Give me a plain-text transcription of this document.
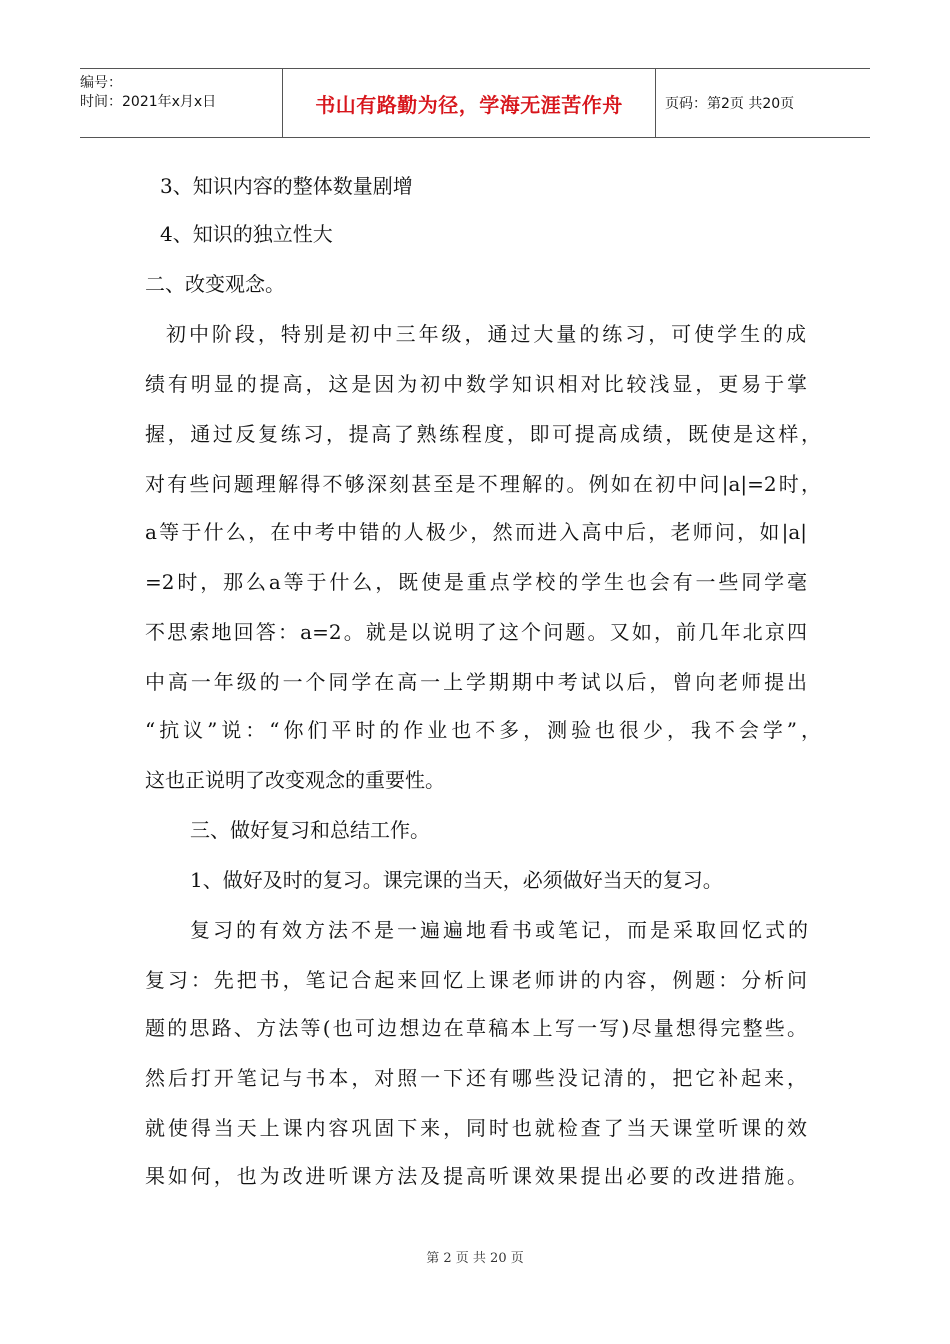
编号：
时间：2021年x月x日	书山有路勤为径，学海无涯苦作舟	页码：第2页 共20页
3、知识内容的整体数量剧增
4、知识的独立性大
二、改变观念。
初中阶段，特别是初中三年级，通过大量的练习，可使学生的成
绩有明显的提高，这是因为初中数学知识相对比较浅显，更易于掌
握，通过反复练习，提高了熟练程度，即可提高成绩，既使是这样，
对有些问题理解得不够深刻甚至是不理解的。例如在初中问|a|=2时，
a等于什么，在中考中错的人极少，然而进入高中后，老师问，如|a|
=2时，那么a等于什么，既使是重点学校的学生也会有一些同学毫
不思索地回答：a=2。就是以说明了这个问题。又如，前几年北京四
中高一年级的一个同学在高一上学期期中考试以后，曾向老师提出
“抗议”说：“你们平时的作业也不多，测验也很少，我不会学”，
这也正说明了改变观念的重要性。
三、做好复习和总结工作。
1、做好及时的复习。课完课的当天，必须做好当天的复习。
复习的有效方法不是一遍遍地看书或笔记，而是采取回忆式的
复习：先把书，笔记合起来回忆上课老师讲的内容，例题：分析问
题的思路、方法等(也可边想边在草稿本上写一写)尽量想得完整些。
然后打开笔记与书本，对照一下还有哪些没记清的，把它补起来，
就使得当天上课内容巩固下来，同时也就检查了当天课堂听课的效
果如何，也为改进听课方法及提高听课效果提出必要的改进措施。
第 2 页 共 20 页
